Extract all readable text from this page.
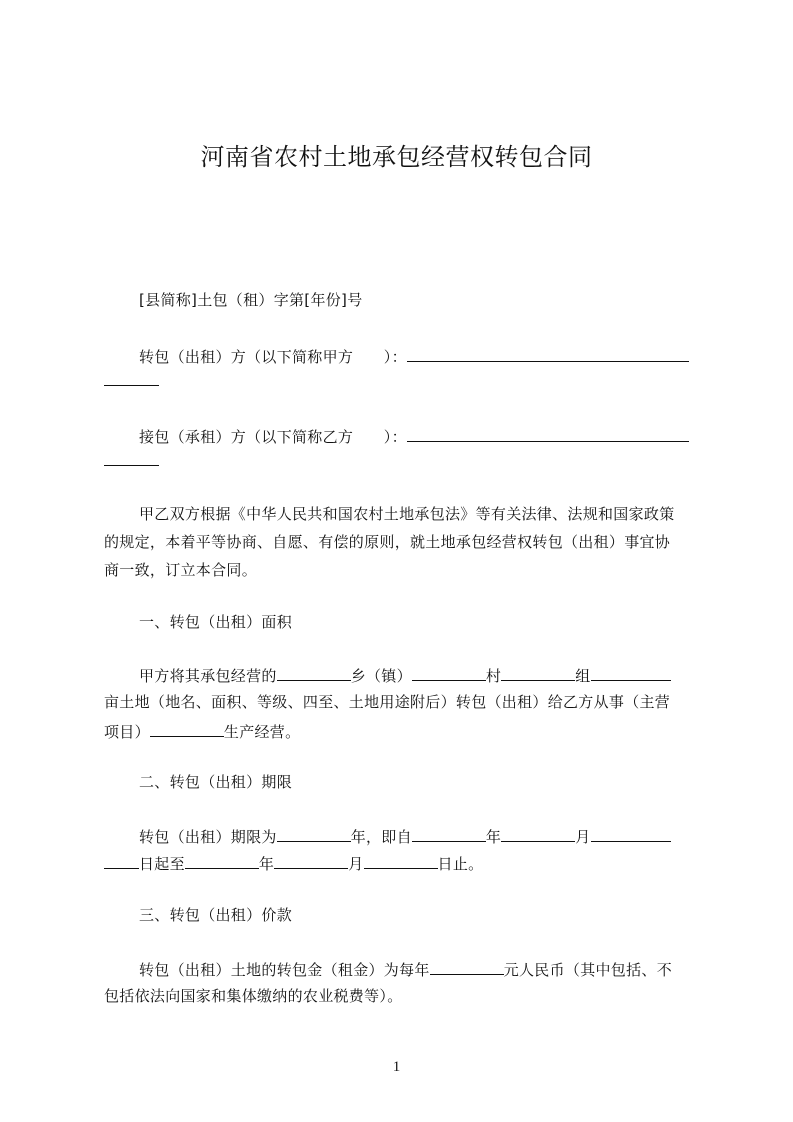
河南省农村土地承包经营权转包合同
[县简称]土包（租）字第[年份]号
转包（出租）方（以下简称甲方　　）：
接包（承租）方（以下简称乙方　　）：
甲乙双方根据《中华人民共和国农村土地承包法》等有关法律、法规和国家政策
的规定，本着平等协商、自愿、有偿的原则，就土地承包经营权转包（出租）事宜协
商一致，订立本合同。
一、转包（出租）面积
甲方将其承包经营的	乡（镇）	村	组
亩土地（地名、面积、等级、四至、土地用途附后）转包（出租）给乙方从事（主营
项目）	生产经营。
二、转包（出租）期限
转包（出租）期限为	年，即自	年	月
日起至	年	月	日止。
三、转包（出租）价款
转包（出租）土地的转包金（租金）为每年	元人民币（其中包括、不
包括依法向国家和集体缴纳的农业税费等）。
1
